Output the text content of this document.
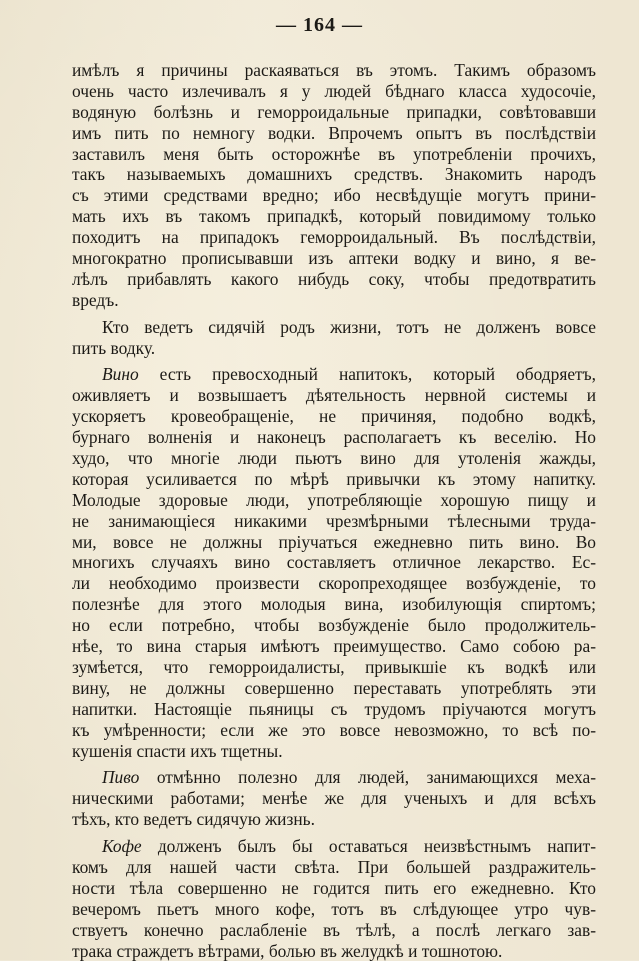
— 164 —
имѣлъ я причины раскаяваться въ этомъ. Такимъ образомъ
очень часто излечивалъ я у людей бѣднаго класса худосочіе,
водяную болѣзнь и геморроидальные припадки, совѣтовавши
имъ пить по немногу водки. Впрочемъ опытъ въ послѣдствіи
заставилъ меня быть осторожнѣе въ употребленіи прочихъ,
такъ называемыхъ домашнихъ средствъ. Знакомить народъ
съ этими средствами вредно; ибо несвѣдущіе могутъ прини-
мать ихъ въ такомъ припадкѣ, который повидимому только
походитъ на припадокъ геморроидальный. Въ послѣдствіи,
многократно прописывавши изъ аптеки водку и вино, я ве-
лѣлъ прибавлять какого нибудь соку, чтобы предотвратить
вредъ.
Кто ведетъ сидячій родъ жизни, тотъ не долженъ вовсе
пить водку.
Вино есть превосходный напитокъ, который ободряетъ,
оживляетъ и возвышаетъ дѣятельность нервной системы и
ускоряетъ кровеобращеніе, не причиняя, подобно водкѣ,
бурнаго волненія и наконецъ располагаетъ къ веселію. Но
худо, что многіе люди пьютъ вино для утоленія жажды,
которая усиливается по мѣрѣ привычки къ этому напитку.
Молодые здоровые люди, употребляющіе хорошую пищу и
не занимающіеся никакими чрезмѣрными тѣлесными труда-
ми, вовсе не должны пріучаться ежедневно пить вино. Во
многихъ случаяхъ вино составляетъ отличное лекарство. Ес-
ли необходимо произвести скоропреходящее возбужденіе, то
полезнѣе для этого молодыя вина, изобилующія спиртомъ;
но если потребно, чтобы возбужденіе было продолжитель-
нѣе, то вина старыя имѣютъ преимущество. Само собою ра-
зумѣется, что геморроидалисты, привыкшіе къ водкѣ или
вину, не должны совершенно переставать употреблять эти
напитки. Настоящіе пьяницы съ трудомъ пріучаются могутъ
къ умѣренности; если же это вовсе невозможно, то всѣ по-
кушенія спасти ихъ тщетны.
Пиво отмѣнно полезно для людей, занимающихся меха-
ническими работами; менѣе же для ученыхъ и для всѣхъ
тѣхъ, кто ведетъ сидячую жизнь.
Кофе долженъ былъ бы оставаться неизвѣстнымъ напит-
комъ для нашей части свѣта. При большей раздражитель-
ности тѣла совершенно не годится пить его ежедневно. Кто
вечеромъ пьетъ много кофе, тотъ въ слѣдующее утро чув-
ствуетъ конечно раслабленіе въ тѣлѣ, а послѣ легкаго зав-
трака страждетъ вѣтрами, болью въ желудкѣ и тошнотою.
